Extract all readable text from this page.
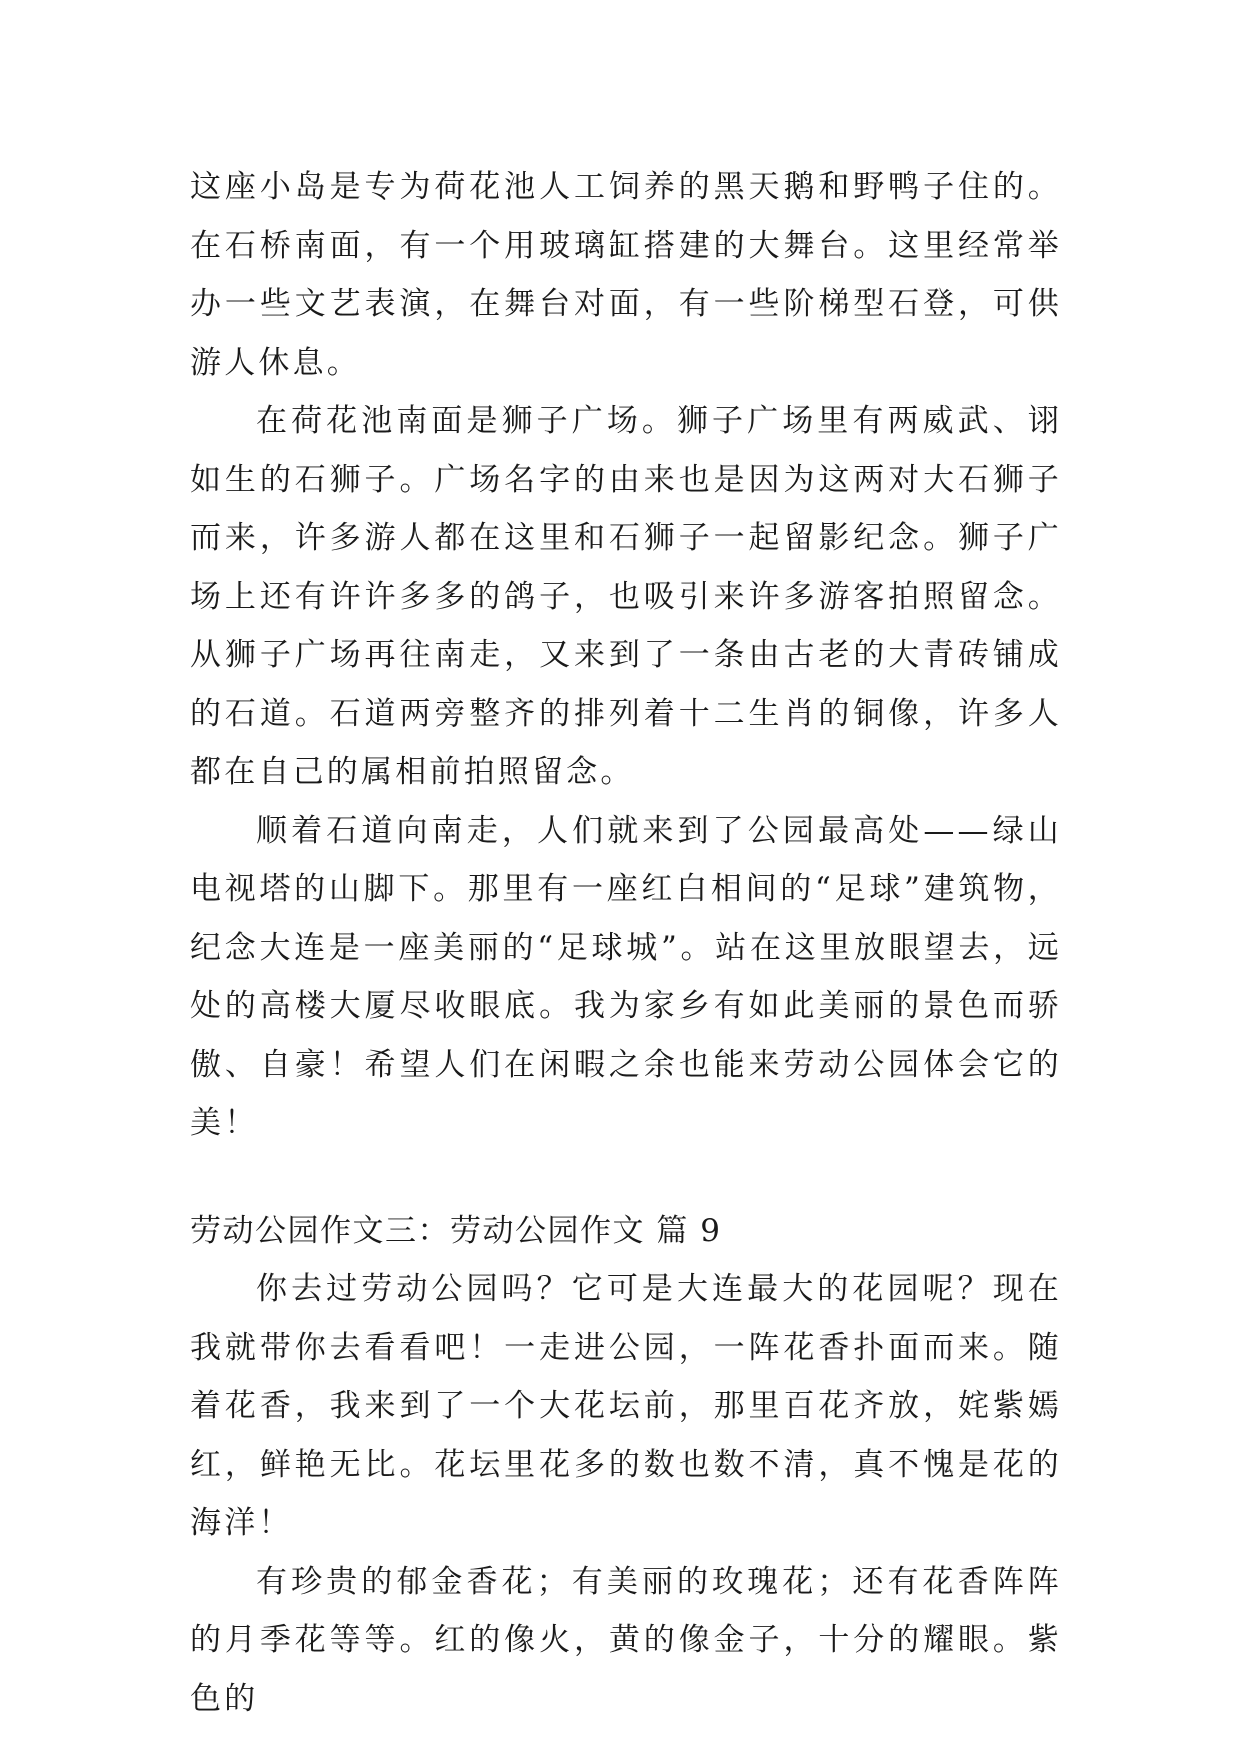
这座小岛是专为荷花池人工饲养的黑天鹅和野鸭子住的。在石桥南面，有一个用玻璃缸搭建的大舞台。这里经常举办一些文艺表演，在舞台对面，有一些阶梯型石登，可供游人休息。

在荷花池南面是狮子广场。狮子广场里有两威武、诩如生的石狮子。广场名字的由来也是因为这两对大石狮子而来，许多游人都在这里和石狮子一起留影纪念。狮子广场上还有许许多多的鸽子，也吸引来许多游客拍照留念。从狮子广场再往南走，又来到了一条由古老的大青砖铺成的石道。石道两旁整齐的排列着十二生肖的铜像，许多人都在自己的属相前拍照留念。

顺着石道向南走，人们就来到了公园最高处——绿山电视塔的山脚下。那里有一座红白相间的“足球”建筑物，纪念大连是一座美丽的“足球城”。站在这里放眼望去，远处的高楼大厦尽收眼底。我为家乡有如此美丽的景色而骄傲、自豪！希望人们在闲暇之余也能来劳动公园体会它的美！

劳动公园作文三：劳动公园作文 篇 9

你去过劳动公园吗？它可是大连最大的花园呢？现在我就带你去看看吧！一走进公园，一阵花香扑面而来。随着花香，我来到了一个大花坛前，那里百花齐放，姹紫嫣红，鲜艳无比。花坛里花多的数也数不清，真不愧是花的海洋！

有珍贵的郁金香花；有美丽的玫瑰花；还有花香阵阵的月季花等等。红的像火，黄的像金子，十分的耀眼。紫色的
